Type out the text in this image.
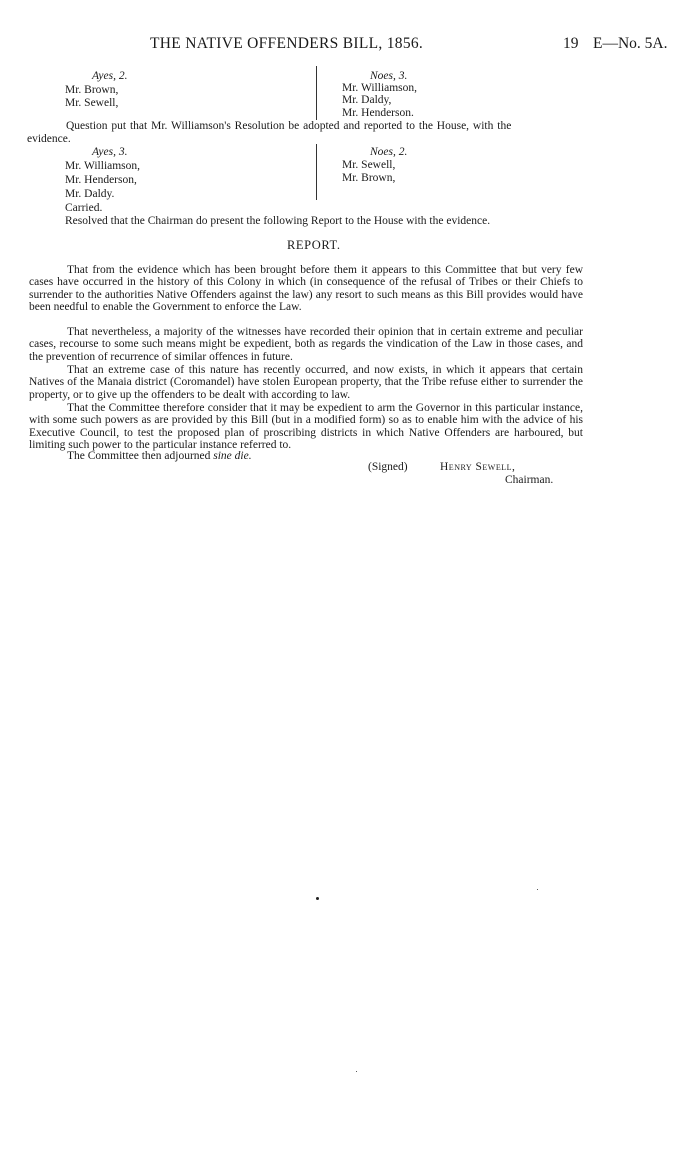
THE NATIVE OFFENDERS BILL, 1856.	19 E—No. 5A.
Ayes, 2.
Mr. Brown,
Mr. Sewell,
Noes, 3.
Mr. Williamson,
Mr. Daldy,
Mr. Henderson.
Question put that Mr. Williamson's Resolution be adopted and reported to the House, with the
evidence.
Ayes, 3.
Mr. Williamson,
Mr. Henderson,
Mr. Daldy.
Noes, 2.
Mr. Sewell,
Mr. Brown,
Carried.
Resolved that the Chairman do present the following Report to the House with the evidence.
REPORT.

That from the evidence which has been brought before them it appears to this Committee that but very few cases have occurred in the history of this Colony in which (in consequence of the refusal of Tribes or their Chiefs to surrender to the authorities Native Offenders against the law) any resort to such means as this Bill provides would have been needful to enable the Government to enforce the Law.

That nevertheless, a majority of the witnesses have recorded their opinion that in certain extreme and peculiar cases, recourse to some such means might be expedient, both as regards the vindication of the Law in those cases, and the prevention of recurrence of similar offences in future.

That an extreme case of this nature has recently occurred, and now exists, in which it appears that certain Natives of the Manaia district (Coromandel) have stolen European property, that the Tribe refuse either to surrender the property, or to give up the offenders to be dealt with according to law.

That the Committee therefore consider that it may be expedient to arm the Governor in this particular instance, with some such powers as are provided by this Bill (but in a modified form) so as to enable him with the advice of his Executive Council, to test the proposed plan of proscribing districts in which Native Offenders are harboured, but limiting such power to the particular instance referred to.

The Committee then adjourned sine die.
(Signed)	Henry Sewell,
Chairman.
